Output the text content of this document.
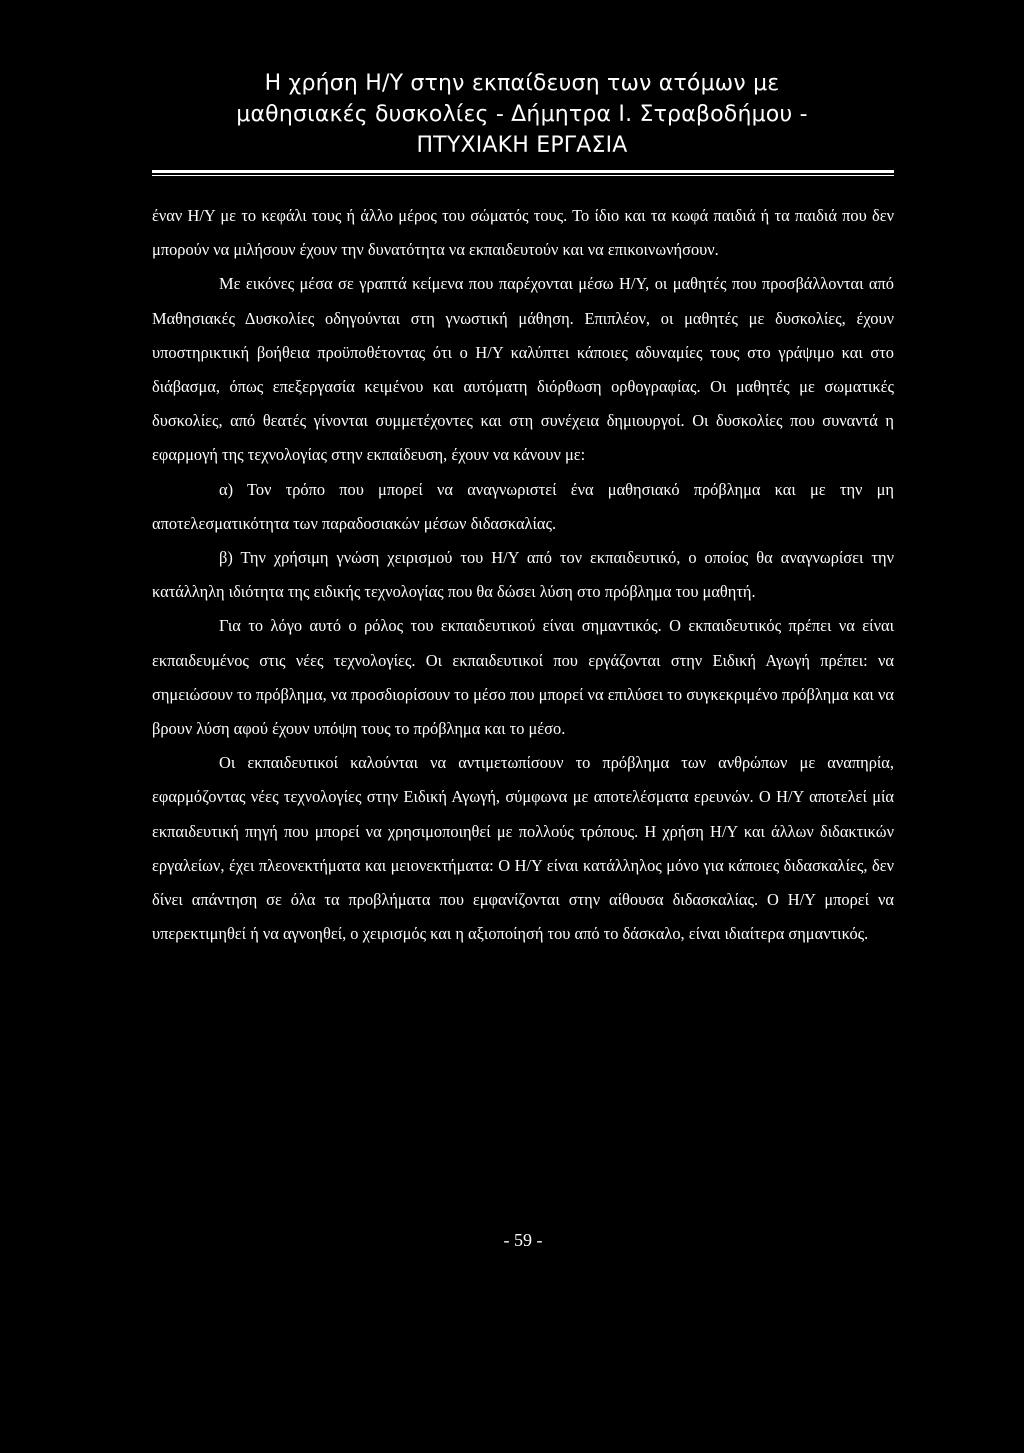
Η χρήση Η/Υ στην εκπαίδευση των ατόμων με
μαθησιακές δυσκολίες - Δήμητρα Ι. Στραβοδήμου -
ΠΤΥΧΙΑΚΗ ΕΡΓΑΣΙΑ

έναν Η/Υ με το κεφάλι τους ή άλλο μέρος του σώματός τους. Το ίδιο και τα κωφά παιδιά ή τα παιδιά που δεν μπορούν να μιλήσουν έχουν την δυνατότητα να εκπαιδευτούν και να επικοινωνήσουν.

Με εικόνες μέσα σε γραπτά κείμενα που παρέχονται μέσω Η/Υ, οι μαθητές που προσβάλλονται από Μαθησιακές Δυσκολίες οδηγούνται στη γνωστική μάθηση. Επιπλέον, οι μαθητές με δυσκολίες, έχουν υποστηρικτική βοήθεια προϋποθέτοντας ότι ο Η/Υ καλύπτει κάποιες αδυναμίες τους στο γράψιμο και στο διάβασμα, όπως επεξεργασία κειμένου και αυτόματη διόρθωση ορθογραφίας. Οι μαθητές με σωματικές δυσκολίες, από θεατές γίνονται συμμετέχοντες και στη συνέχεια δημιουργοί. Οι δυσκολίες που συναντά η εφαρμογή της τεχνολογίας στην εκπαίδευση, έχουν να κάνουν με:

α) Τον τρόπο που μπορεί να αναγνωριστεί ένα μαθησιακό πρόβλημα και με την μη αποτελεσματικότητα των παραδοσιακών μέσων διδασκαλίας.

β) Την χρήσιμη γνώση χειρισμού του Η/Υ από τον εκπαιδευτικό, ο οποίος θα αναγνωρίσει την κατάλληλη ιδιότητα της ειδικής τεχνολογίας που θα δώσει λύση στο πρόβλημα του μαθητή.

Για το λόγο αυτό ο ρόλος του εκπαιδευτικού είναι σημαντικός. Ο εκπαιδευτικός πρέπει να είναι εκπαιδευμένος στις νέες τεχνολογίες. Οι εκπαιδευτικοί που εργάζονται στην Ειδική Αγωγή πρέπει: να σημειώσουν το πρόβλημα, να προσδιορίσουν το μέσο που μπορεί να επιλύσει το συγκεκριμένο πρόβλημα και να βρουν λύση αφού έχουν υπόψη τους το πρόβλημα και το μέσο.

Οι εκπαιδευτικοί καλούνται να αντιμετωπίσουν το πρόβλημα των ανθρώπων με αναπηρία, εφαρμόζοντας νέες τεχνολογίες στην Ειδική Αγωγή, σύμφωνα με αποτελέσματα ερευνών. Ο Η/Υ αποτελεί μία εκπαιδευτική πηγή που μπορεί να χρησιμοποιηθεί με πολλούς τρόπους. Η χρήση Η/Υ και άλλων διδακτικών εργαλείων, έχει πλεονεκτήματα και μειονεκτήματα: Ο Η/Υ είναι κατάλληλος μόνο για κάποιες διδασκαλίες, δεν δίνει απάντηση σε όλα τα προβλήματα που εμφανίζονται στην αίθουσα διδασκαλίας. Ο Η/Υ μπορεί να υπερεκτιμηθεί ή να αγνοηθεί, ο χειρισμός και η αξιοποίησή του από το δάσκαλο, είναι ιδιαίτερα σημαντικός.

- 59 -
